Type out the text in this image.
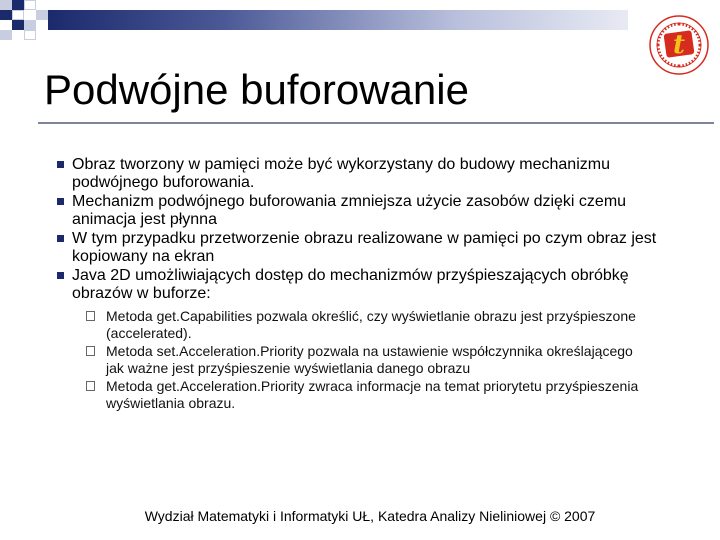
t
Podwójne buforowanie
Obraz tworzony w pamięci może być wykorzystany do budowy mechanizmu podwójnego buforowania.
Mechanizm podwójnego buforowania zmniejsza użycie zasobów dzięki czemu animacja jest płynna
W tym przypadku przetworzenie obrazu realizowane w pamięci po czym obraz jest kopiowany na ekran
Java 2D umożliwiających dostęp do mechanizmów przyśpieszających obróbkę obrazów w buforze:
Metoda get.Capabilities pozwala określić, czy wyświetlanie obrazu jest przyśpieszone (accelerated).
Metoda set.Acceleration.Priority pozwala na ustawienie współczynnika określającego jak ważne jest przyśpieszenie wyświetlania danego obrazu
Metoda get.Acceleration.Priority zwraca informacje na temat priorytetu przyśpieszenia wyświetlania obrazu.
Wydział Matematyki i Informatyki UŁ, Katedra Analizy Nieliniowej © 2007
